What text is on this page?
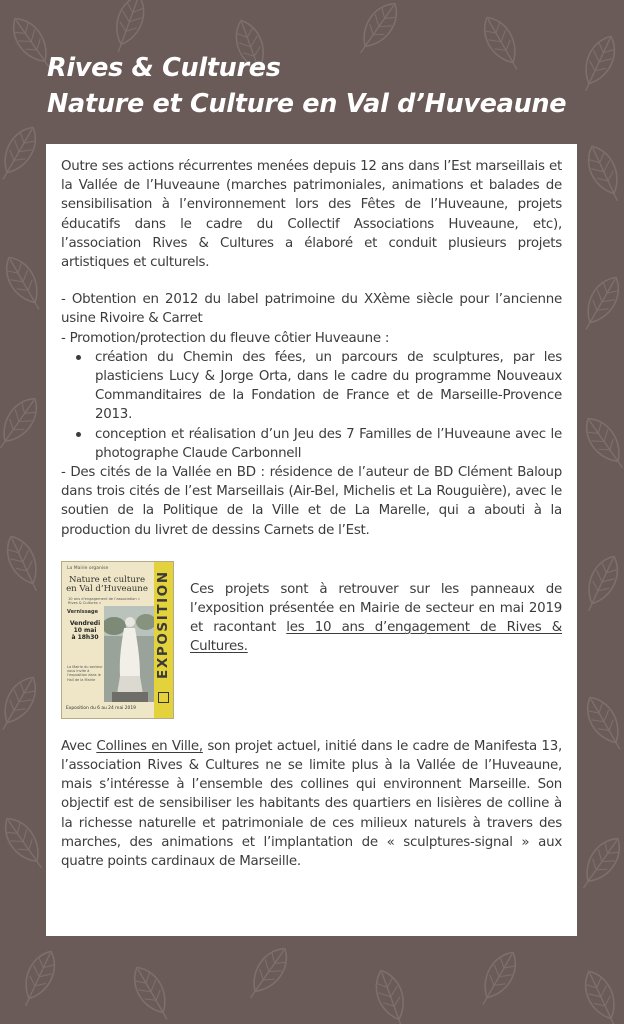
Rives & Cultures
Nature et Culture en Val d’Huveaune

Outre ses actions récurrentes menées depuis 12 ans dans l’Est marseillais et la Vallée de l’Huveaune (marches patrimoniales, animations et balades de sensibilisation à l’environnement lors des Fêtes de l’Huveaune, projets éducatifs dans le cadre du Collectif Associations Huveaune, etc), l’association Rives & Cultures a élaboré et conduit plusieurs projets artistiques et culturels.

- Obtention en 2012 du label patrimoine du XXème siècle pour l’ancienne usine Rivoire & Carret

- Promotion/protection du fleuve côtier Huveaune :

création du Chemin des fées, un parcours de sculptures, par les plasticiens Lucy & Jorge Orta, dans le cadre du programme Nouveaux Commanditaires de la Fondation de France et de Marseille-Provence 2013.
conception et réalisation d’un Jeu des 7 Familles de l’Huveaune avec le photographe Claude Carbonnell

- Des cités de la Vallée en BD : résidence de l’auteur de BD Clément Baloup dans trois cités de l’est Marseillais (Air-Bel, Michelis et La Rouguière), avec le soutien de la Politique de la Ville et de La Marelle, qui a abouti à la production du livret de dessins Carnets de l’Est.

La Mairie organise
Nature et culture
en Val d’Huveaune
10 ans d’engagement de l’association « Rives & Cultures »
Vernissage
Vendredi
10 mai
à 18h30
La Mairie du secteur vous invite à l’exposition dans le Hall de la Mairie
Exposition du 6 au 24 mai 2019
EXPOSITION Ces projets sont à retrouver sur les panneaux de l’exposition présentée en Mairie de secteur en mai 2019 et racontant les 10 ans d’engagement de Rives & Cultures.

Avec Collines en Ville, son projet actuel, initié dans le cadre de Manifesta 13, l’association Rives & Cultures ne se limite plus à la Vallée de l’Huveaune, mais s’intéresse à l’ensemble des collines qui environnent Marseille. Son objectif est de sensibiliser les habitants des quartiers en lisières de colline à la richesse naturelle et patrimoniale de ces milieux naturels à travers des marches, des animations et l’implantation de « sculptures-signal » aux quatre points cardinaux de Marseille.
